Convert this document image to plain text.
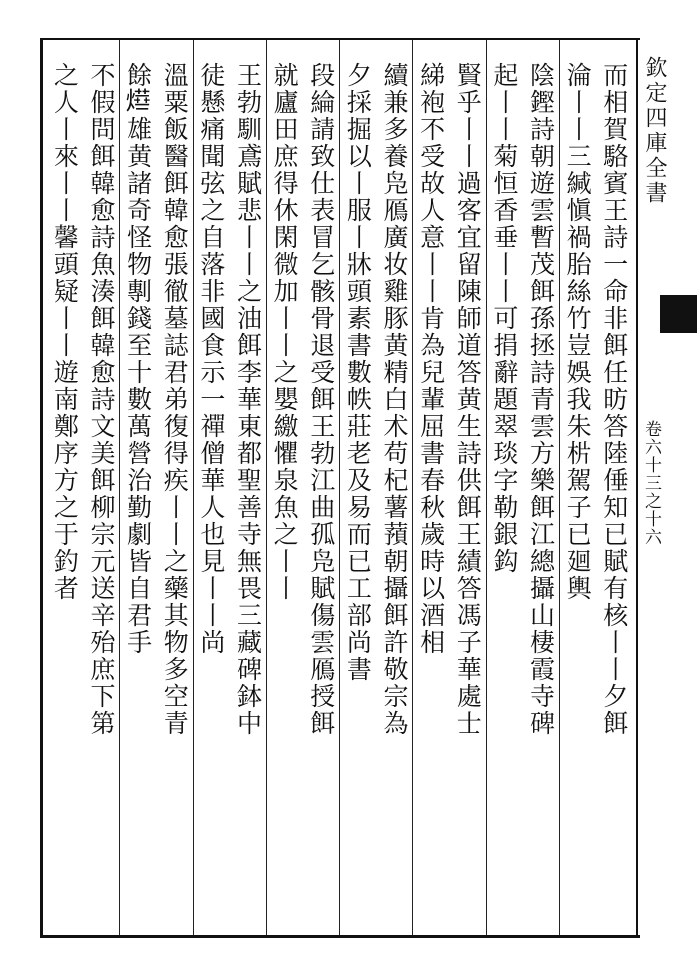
欽定四庫全書
卷六十三之十六
而相賀駱賓王詩一命非餌任昉答陸倕知已賦有核丨丨夕餌
淪丨丨三緘愼禍胎絲竹豈娛我朱㭊駕子已廻輿
陰鏗詩朝遊雲暫茂餌孫拯詩青雲方樂餌江總攝山棲霞寺碑
起丨丨菊恒香垂丨丨可捐辭題翠琰字勒銀鈎
賢乎丨丨過客宜留陳師道答黄生詩供餌王績答馮子華處士
綈袍不受故人意丨丨肯為兒輩屈書春秋歲時以酒相
續兼多養凫鴈廣妆雞豚黄精白术苟杞薯蕷朝攝餌許敬宗為
夕採掘以丨服丨牀頭素書數帙莊老及易而已工部尚書
段綸請致仕表冒乞骸骨退受餌王勃江曲孤凫賦傷雲鴈授餌
就廬田庶得休閑微加丨丨之嬰繳懼泉魚之丨丨
王勃馴鳶賦悲丨丨之油餌李華東都聖善寺無畏三藏碑鉢中
徒懸痛聞弦之自落非國食示一禪僧華人也見丨丨尚
溫粟飯醫餌韓愈張徹墓誌君弟復得疾丨丨之藥其物多空青
餘𤍞雄黄諸奇怪物剸錢至十數萬營治勤劇皆自君手
不假問餌韓愈詩魚湊餌韓愈詩文美餌柳宗元送辛殆庶下第
之人丨來丨丨馨頭疑丨丨遊南鄭序方之于釣者
